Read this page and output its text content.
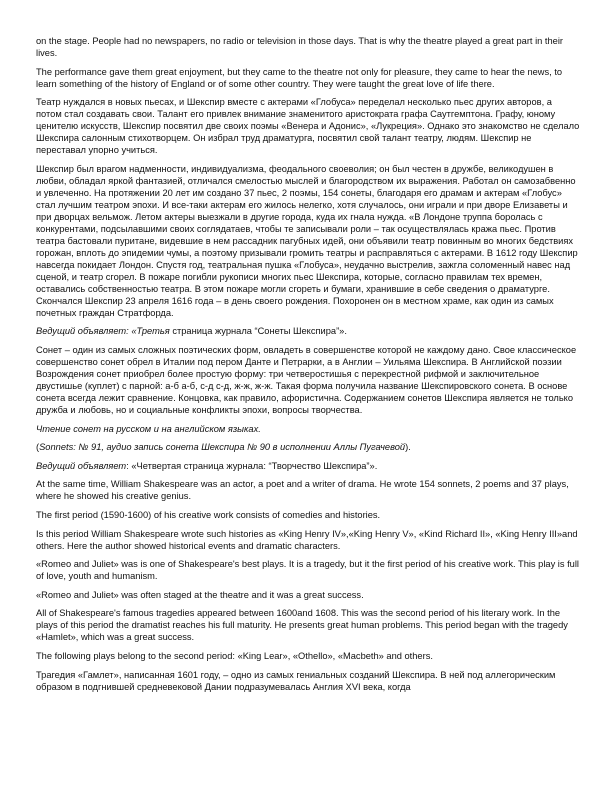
on the stage. People had no newspapers, no radio or television in those days. That is why the theatre played a great part in their lives.

The performance gave them great enjoyment, but they came to the theatre not only for pleasure, they came to hear the news, to learn something of the history of England or of some other country. They were taught the great love of life there.

Театр нуждался в новых пьесах, и Шекспир вместе с актерами «Глобуса» переделал несколько пьес других авторов, а потом стал создавать свои. Талант его привлек внимание знаменитого аристократа графа Саутгемптона. Графу, юному ценителю искусств, Шекспир посвятил две своих поэмы «Венера и Адонис», «Лукреция». Однако это знакомство не сделало Шекспира салонным стихотворцем. Он избрал труд драматурга, посвятил свой талант театру, людям. Шекспир не переставал упорно учиться.

Шекспир был врагом надменности, индивидуализма, феодального своеволия; он был честен в дружбе, великодушен в любви, обладал яркой фантазией, отличался смелостью мыслей и благородством их выражения. Работал он самозабвенно и увлеченно. На протяжении 20 лет им создано 37 пьес, 2 поэмы, 154 сонеты, благодаря его драмам и актерам «Глобус» стал лучшим театром эпохи. И все-таки актерам его жилось нелегко, хотя случалось, они играли и при дворе Елизаветы и при дворцах вельмож. Летом актеры выезжали в другие города, куда их гнала нужда. «В Лондоне труппа боролась с конкурентами, подсылавшими своих соглядатаев, чтобы те записывали роли – так осуществлялась кража пьес. Против театра бастовали пуритане, видевшие в нем рассадник пагубных идей, они объявили театр повинным во многих бедствиях горожан, вплоть до эпидемии чумы, а поэтому призывали громить театры и расправляться с актерами. В 1612 году Шекспир навсегда покидает Лондон. Спустя год, театральная пушка «Глобуса», неудачно выстрелив, зажгла соломенный навес над сценой, и театр сгорел. В пожаре погибли рукописи многих пьес Шекспира, которые, согласно правилам тех времен, оставались собственностью театра. В этом пожаре могли сгореть и бумаги, хранившие в себе сведения о драматурге. Скончался Шекспир 23 апреля 1616 года – в день своего рождения. Похоронен он в местном храме, как один из самых почетных граждан Стратфорда.

Ведущий объявляет: «Третья страница журнала “Сонеты Шекспира”».

Сонет – один из самых сложных поэтических форм, овладеть в совершенстве которой не каждому дано. Свое классическое совершенство сонет обрел в Италии под пером Данте и Петрарки, а в Англии – Уильяма Шекспира. В Английской поэзии Возрождения сонет приобрел более простую форму: три четверостишья с перекрестной рифмой и заключительное двустишье (куплет) с парной: а-б а-б, с-д с-д, ж-ж, ж-ж. Такая форма получила название Шекспировского сонета. В основе сонета всегда лежит сравнение. Концовка, как правило, афористична. Содержанием сонетов Шекспира является не только дружба и любовь, но и социальные конфликты эпохи, вопросы творчества.

Чтение сонет на русском и на английском языках.

(Sonnets: № 91, аудио запись сонета Шекспира № 90 в исполнении Аллы Пугачевой).

Ведущий объявляет: «Четвертая страница журнала: “Творчество Шекспира”».

At the same time, William Shakespeare was an actor, a poet and a writer of drama. He wrote 154 sonnets, 2 poems and 37 plays, where he showed his creative genius.

The first period (1590-1600) of his creative work consists of comedies and histories.

Is this period William Shakespeare wrote such histories as «King Henry IV»,«King Henry V», «Kind Richard II», «King Henry III»and others. Here the author showed historical events and dramatic characters.

«Romeo and Juliet» was is one of Shakespeare's best plays. It is a tragedy, but it the first period of his creative work. This play is full of love, youth and humanism.

«Romeo and Juliet» was often staged at the theatre and it was a great success.

All of Shakespeare's famous tragedies appeared between 1600and 1608. This was the second period of his literary work. In the plays of this period the dramatist reaches his full maturity. He presents great human problems. This period began with the tragedy «Hamlet», which was a great success.

The following plays belong to the second period: «King Lear», «Othello», «Macbeth» and others.

Трагедия «Гамлет», написанная 1601 году, – одно из самых гениальных созданий Шекспира. В ней под аллегорическим образом в подгнившей средневековой Дании подразумевалась Англия XVI века, когда
